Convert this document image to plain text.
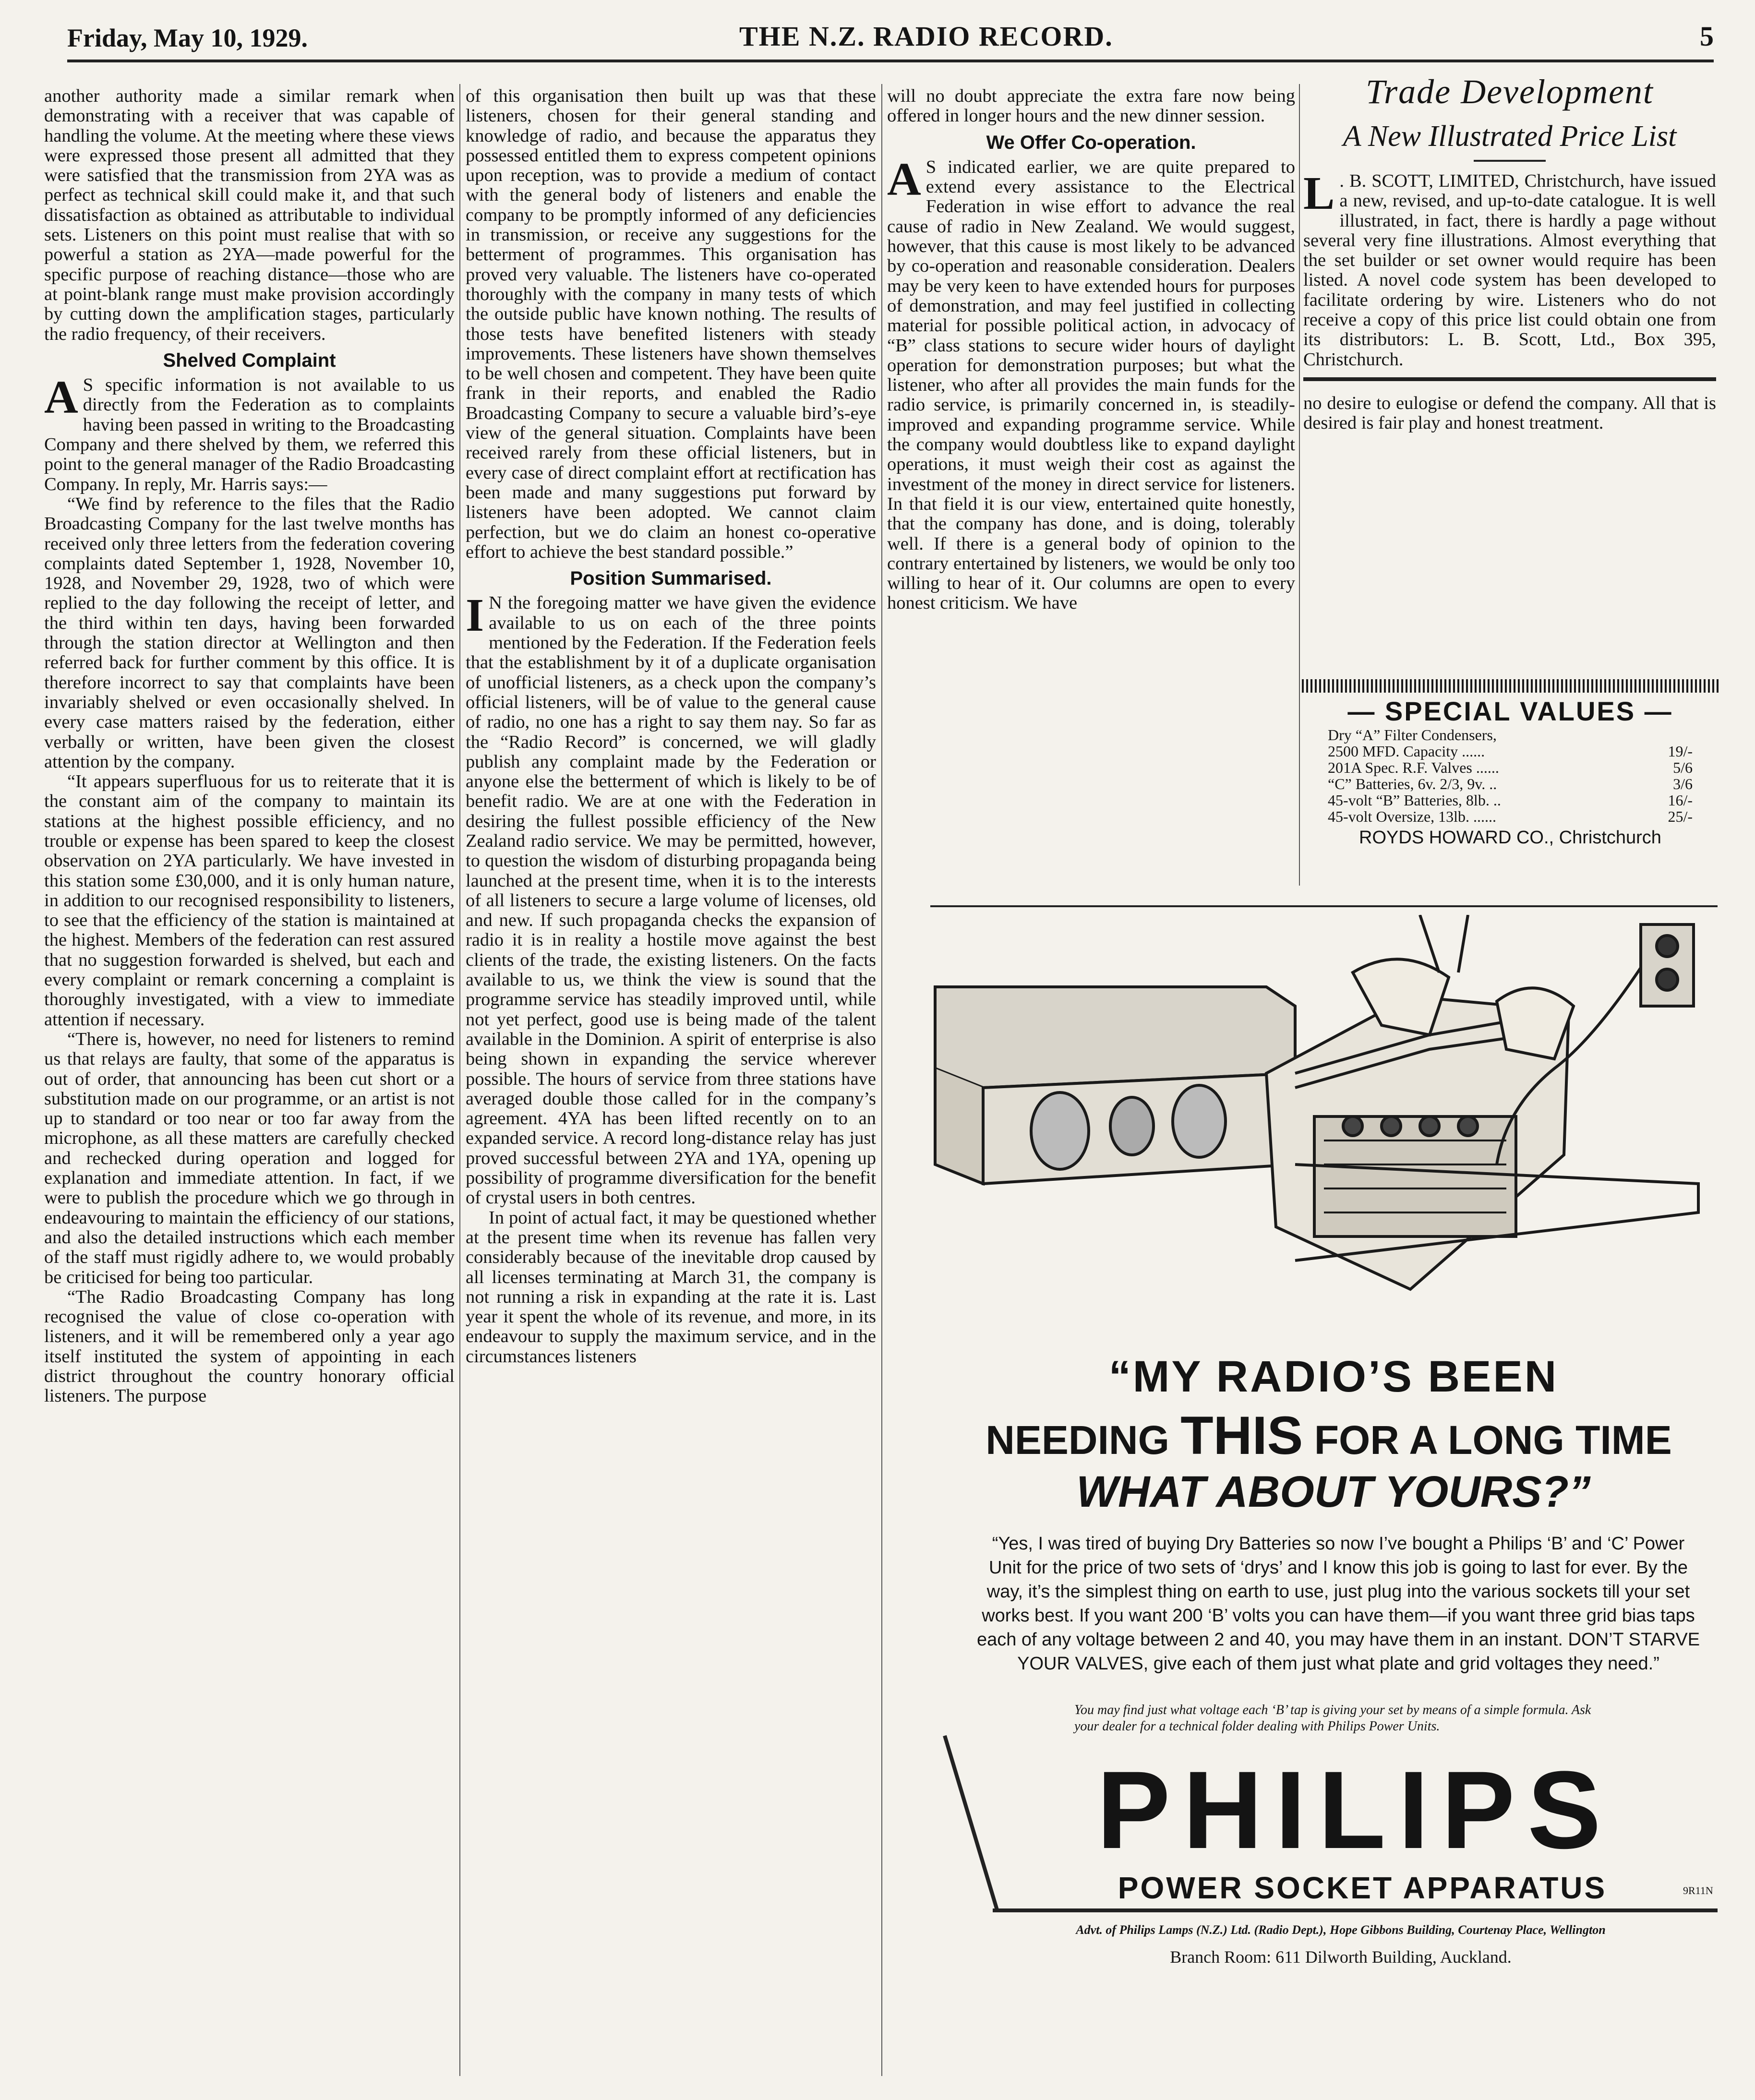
Friday, May 10, 1929.	THE N.Z. RADIO RECORD.	5

another authority made a similar remark when demonstrating with a receiver that was capable of handling the volume. At the meeting where these views were expressed those present all admitted that they were satisfied that the transmission from 2YA was as perfect as technical skill could make it, and that such dissatisfaction as obtained as attributable to individual sets. Listeners on this point must realise that with so powerful a station as 2YA—made powerful for the specific purpose of reaching distance—those who are at point-blank range must make provision accordingly by cutting down the amplification stages, particularly the radio frequency, of their receivers.

Shelved Complaint

A S specific information is not available to us directly from the Federation as to complaints having been passed in writing to the Broadcasting Company and there shelved by them, we referred this point to the general manager of the Radio Broadcasting Company. In reply, Mr. Harris says:—

“We find by reference to the files that the Radio Broadcasting Company for the last twelve months has received only three letters from the federation covering complaints dated September 1, 1928, November 10, 1928, and November 29, 1928, two of which were replied to the day following the receipt of letter, and the third within ten days, having been forwarded through the station director at Wellington and then referred back for further comment by this office. It is therefore incorrect to say that complaints have been invariably shelved or even occasionally shelved. In every case matters raised by the federation, either verbally or written, have been given the closest attention by the company.

“It appears superfluous for us to reiterate that it is the constant aim of the company to maintain its stations at the highest possible efficiency, and no trouble or expense has been spared to keep the closest observation on 2YA particularly. We have invested in this station some £30,000, and it is only human nature, in addition to our recognised responsibility to listeners, to see that the efficiency of the station is maintained at the highest. Members of the federation can rest assured that no suggestion forwarded is shelved, but each and every complaint or remark concerning a complaint is thoroughly investigated, with a view to immediate attention if necessary.

“There is, however, no need for listeners to remind us that relays are faulty, that some of the apparatus is out of order, that announcing has been cut short or a substitution made on our programme, or an artist is not up to standard or too near or too far away from the microphone, as all these matters are carefully checked and rechecked during operation and logged for explanation and immediate attention. In fact, if we were to publish the procedure which we go through in endeavouring to maintain the efficiency of our stations, and also the detailed instructions which each member of the staff must rigidly adhere to, we would probably be criticised for being too particular.

“The Radio Broadcasting Company has long recognised the value of close co-operation with listeners, and it will be remembered only a year ago itself instituted the system of appointing in each district throughout the country honorary official listeners. The purpose

of this organisation then built up was that these listeners, chosen for their general standing and knowledge of radio, and because the apparatus they possessed entitled them to express competent opinions upon reception, was to provide a medium of contact with the general body of listeners and enable the company to be promptly informed of any deficiencies in transmission, or receive any suggestions for the betterment of programmes. This organisation has proved very valuable. The listeners have co-operated thoroughly with the company in many tests of which the outside public have known nothing. The results of those tests have benefited listeners with steady improvements. These listeners have shown themselves to be well chosen and competent. They have been quite frank in their reports, and enabled the Radio Broadcasting Company to secure a valuable bird’s-eye view of the general situation. Complaints have been received rarely from these official listeners, but in every case of direct complaint effort at rectification has been made and many suggestions put forward by listeners have been adopted. We cannot claim perfection, but we do claim an honest co-operative effort to achieve the best standard possible.”

Position Summarised.

I N the foregoing matter we have given the evidence available to us on each of the three points mentioned by the Federation. If the Federation feels that the establishment by it of a duplicate organisation of unofficial listeners, as a check upon the company’s official listeners, will be of value to the general cause of radio, no one has a right to say them nay. So far as the “Radio Record” is concerned, we will gladly publish any complaint made by the Federation or anyone else the betterment of which is likely to be of benefit radio. We are at one with the Federation in desiring the fullest possible efficiency of the New Zealand radio service. We may be permitted, however, to question the wisdom of disturbing propaganda being launched at the present time, when it is to the interests of all listeners to secure a large volume of licenses, old and new. If such propaganda checks the expansion of radio it is in reality a hostile move against the best clients of the trade, the existing listeners. On the facts available to us, we think the view is sound that the programme service has steadily improved until, while not yet perfect, good use is being made of the talent available in the Dominion. A spirit of enterprise is also being shown in expanding the service wherever possible. The hours of service from three stations have averaged double those called for in the company’s agreement. 4YA has been lifted recently on to an expanded service. A record long-distance relay has just proved successful between 2YA and 1YA, opening up possibility of programme diversification for the benefit of crystal users in both centres.

In point of actual fact, it may be questioned whether at the present time when its revenue has fallen very considerably because of the inevitable drop caused by all licenses terminating at March 31, the company is not running a risk in expanding at the rate it is. Last year it spent the whole of its revenue, and more, in its endeavour to supply the maximum service, and in the circumstances listeners

will no doubt appreciate the extra fare now being offered in longer hours and the new dinner session.

We Offer Co-operation.

A S indicated earlier, we are quite prepared to extend every assistance to the Electrical Federation in wise effort to advance the real cause of radio in New Zealand. We would suggest, however, that this cause is most likely to be advanced by co-operation and reasonable consideration. Dealers may be very keen to have extended hours for purposes of demonstration, and may feel justified in collecting material for possible political action, in advocacy of “B” class stations to secure wider hours of daylight operation for demonstration purposes; but what the listener, who after all provides the main funds for the radio service, is primarily concerned in, is steadily-improved and expanding programme service. While the company would doubtless like to expand daylight operations, it must weigh their cost as against the investment of the money in direct service for listeners. In that field it is our view, entertained quite honestly, that the company has done, and is doing, tolerably well. If there is a general body of opinion to the contrary entertained by listeners, we would be only too willing to hear of it. Our columns are open to every honest criticism. We have

Trade Development

A New Illustrated Price List

L . B. SCOTT, LIMITED, Christchurch, have issued a new, revised, and up-to-date catalogue. It is well illustrated, in fact, there is hardly a page without several very fine illustrations. Almost everything that the set builder or set owner would require has been listed. A novel code system has been developed to facilitate ordering by wire. Listeners who do not receive a copy of this price list could obtain one from its distributors: L. B. Scott, Ltd., Box 395, Christchurch.
no desire to eulogise or defend the company. All that is desired is fair play and honest treatment.
— SPECIAL VALUES —
Dry “A” Filter Condensers,	
2500 MFD. Capacity ......	19/-
201A Spec. R.F. Valves ......	5/6
“C” Batteries, 6v. 2/3, 9v. ..	3/6
45-volt “B” Batteries, 8lb. ..	16/-
45-volt Oversize, 13lb. ......	25/-
ROYDS HOWARD CO., Christchurch
“MY RADIO’S BEEN
NEEDING THIS FOR A LONG TIME
WHAT ABOUT YOURS?”
“Yes, I was tired of buying Dry Batteries so now I’ve bought a Philips ‘B’ and ‘C’ Power Unit for the price of two sets of ‘drys’ and I know this job is going to last for ever. By the way, it’s the simplest thing on earth to use, just plug into the various sockets till your set works best. If you want 200 ‘B’ volts you can have them—if you want three grid bias taps each of any voltage between 2 and 40, you may have them in an instant. DON’T STARVE YOUR VALVES, give each of them just what plate and grid voltages they need.”
You may find just what voltage each ‘B’ tap is giving your set by means of a simple formula. Ask your dealer for a technical folder dealing with Philips Power Units.
PHILIPS
POWER SOCKET APPARATUS	9R11N
Advt. of Philips Lamps (N.Z.) Ltd. (Radio Dept.), Hope Gibbons Building, Courtenay Place, Wellington
Branch Room: 611 Dilworth Building, Auckland.
